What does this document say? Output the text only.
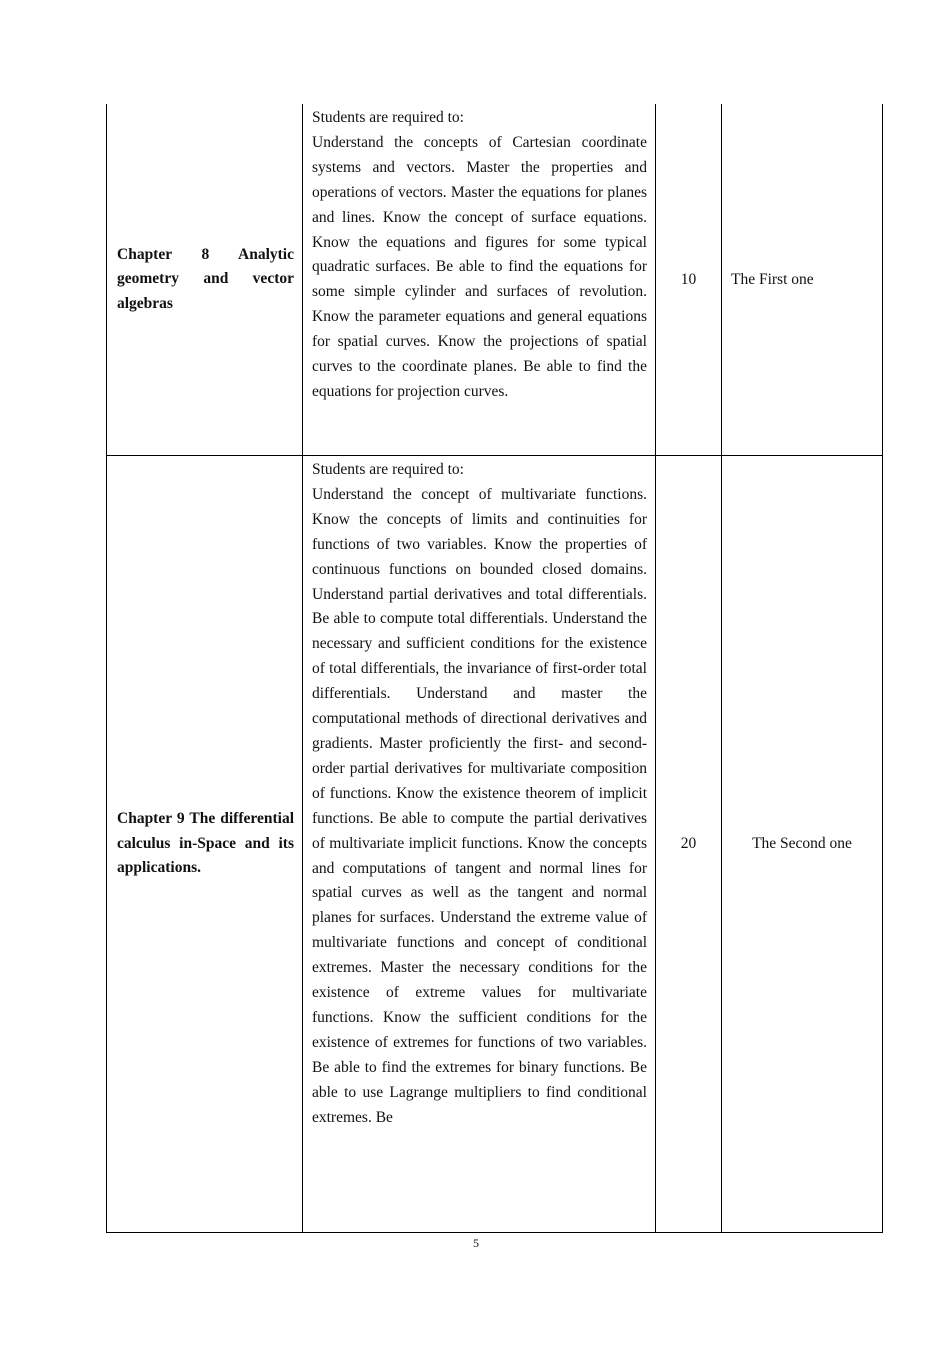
Chapter 8 Analytic geometry and vector algebras	Students are required to:

Understand the concepts of Cartesian coordinate systems and vectors. Master the properties and operations of vectors. Master the equations for planes and lines. Know the concept of surface equations. Know the equations and figures for some typical quadratic surfaces. Be able to find the equations for some simple cylinder and surfaces of revolution. Know the parameter equations and general equations for spatial curves. Know the projections of spatial curves to the coordinate planes. Be able to find the equations for projection curves.	10	The First one
Chapter 9 The differential calculus in-Space and its applications.	Students are required to:

Understand the concept of multivariate functions. Know the concepts of limits and continuities for functions of two variables. Know the properties of continuous functions on bounded closed domains. Understand partial derivatives and total differentials. Be able to compute total differentials. Understand the necessary and sufficient conditions for the existence of total differentials, the invariance of first-order total differentials. Understand and master the computational methods of directional derivatives and gradients. Master proficiently the first- and second-order partial derivatives for multivariate composition of functions. Know the existence theorem of implicit functions. Be able to compute the partial derivatives of multivariate implicit functions. Know the concepts and computations of tangent and normal lines for spatial curves as well as the tangent and normal planes for surfaces. Understand the extreme value of multivariate functions and concept of conditional extremes. Master the necessary conditions for the existence of extreme values for multivariate functions. Know the sufficient conditions for the existence of extremes for functions of two variables. Be able to find the extremes for binary functions. Be able to use Lagrange multipliers to find conditional extremes. Be	20	The Second one
5
